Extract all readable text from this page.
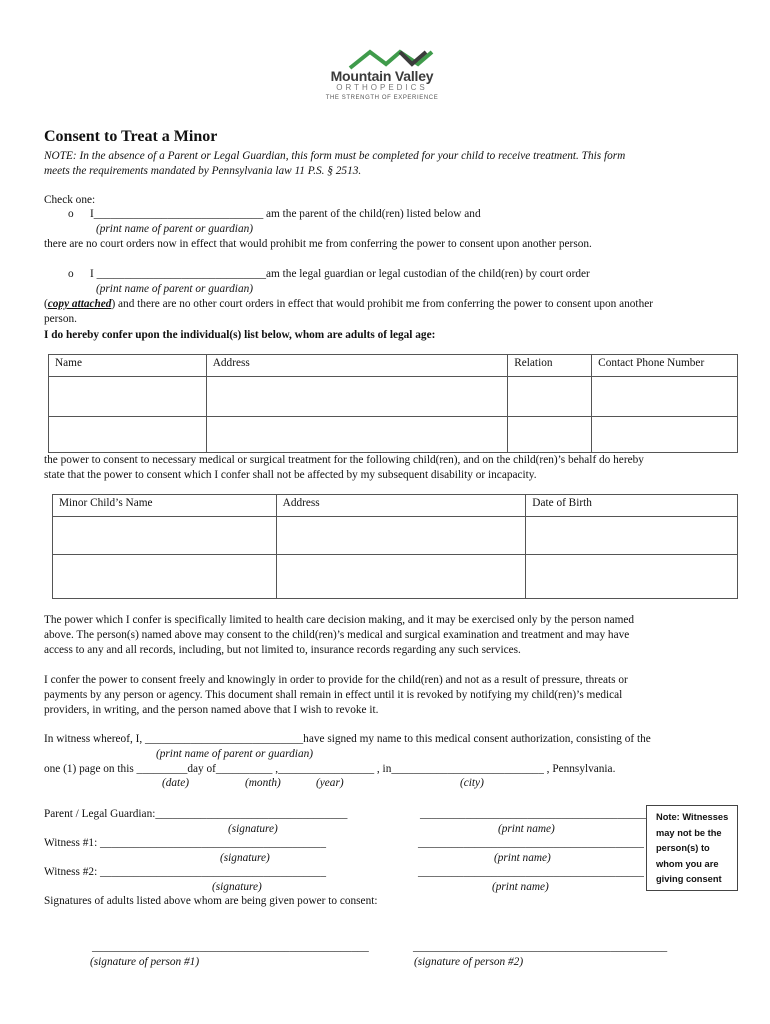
Mountain Valley
ORTHOPEDICS
THE STRENGTH OF EXPERIENCE
Consent to Treat a Minor
NOTE: In the absence of a Parent or Legal Guardian, this form must be completed for your child to receive treatment. This form
meets the requirements mandated by Pennsylvania law 11 P.S. § 2513.
Check one:
o I______________________________ am the parent of the child(ren) listed below and
(print name of parent or guardian)
there are no court orders now in effect that would prohibit me from conferring the power to consent upon another person.
o I ______________________________am the legal guardian or legal custodian of the child(ren) by court order
(print name of parent or guardian)
(copy attached) and there are no other court orders in effect that would prohibit me from conferring the power to consent upon another
person.
I do hereby confer upon the individual(s) list below, whom are adults of legal age:
Name	Address	Relation	Contact Phone Number

the power to consent to necessary medical or surgical treatment for the following child(ren), and on the child(ren)’s behalf do hereby
state that the power to consent which I confer shall not be affected by my subsequent disability or incapacity.
Minor Child’s Name	Address	Date of Birth

The power which I confer is specifically limited to health care decision making, and it may be exercised only by the person named
above. The person(s) named above may consent to the child(ren)’s medical and surgical examination and treatment and may have
access to any and all records, including, but not limited to, insurance records regarding any such services.
I confer the power to consent freely and knowingly in order to provide for the child(ren) and not as a result of pressure, threats or
payments by any person or agency. This document shall remain in effect until it is revoked by notifying my child(ren)’s medical
providers, in writing, and the person named above that I wish to revoke it.
In witness whereof, I, ____________________________have signed my name to this medical consent authorization, consisting of the
(print name of parent or guardian)
one (1) page on this _________day of__________ ,_________________ , in___________________________ , Pennsylvania.
(date)	(month)	(year)	(city)
Parent / Legal Guardian:__________________________________	________________________________________
(signature)	(print name)
Witness #1: ________________________________________	________________________________________
(signature)	(print name)
Witness #2: ________________________________________	________________________________________
(signature)	(print name)
Signatures of adults listed above whom are being given power to consent:
_________________________________________________	_____________________________________________
(signature of person #1)	(signature of person #2)
Note: Witnesses
may not be the
person(s) to
whom you are
giving consent
